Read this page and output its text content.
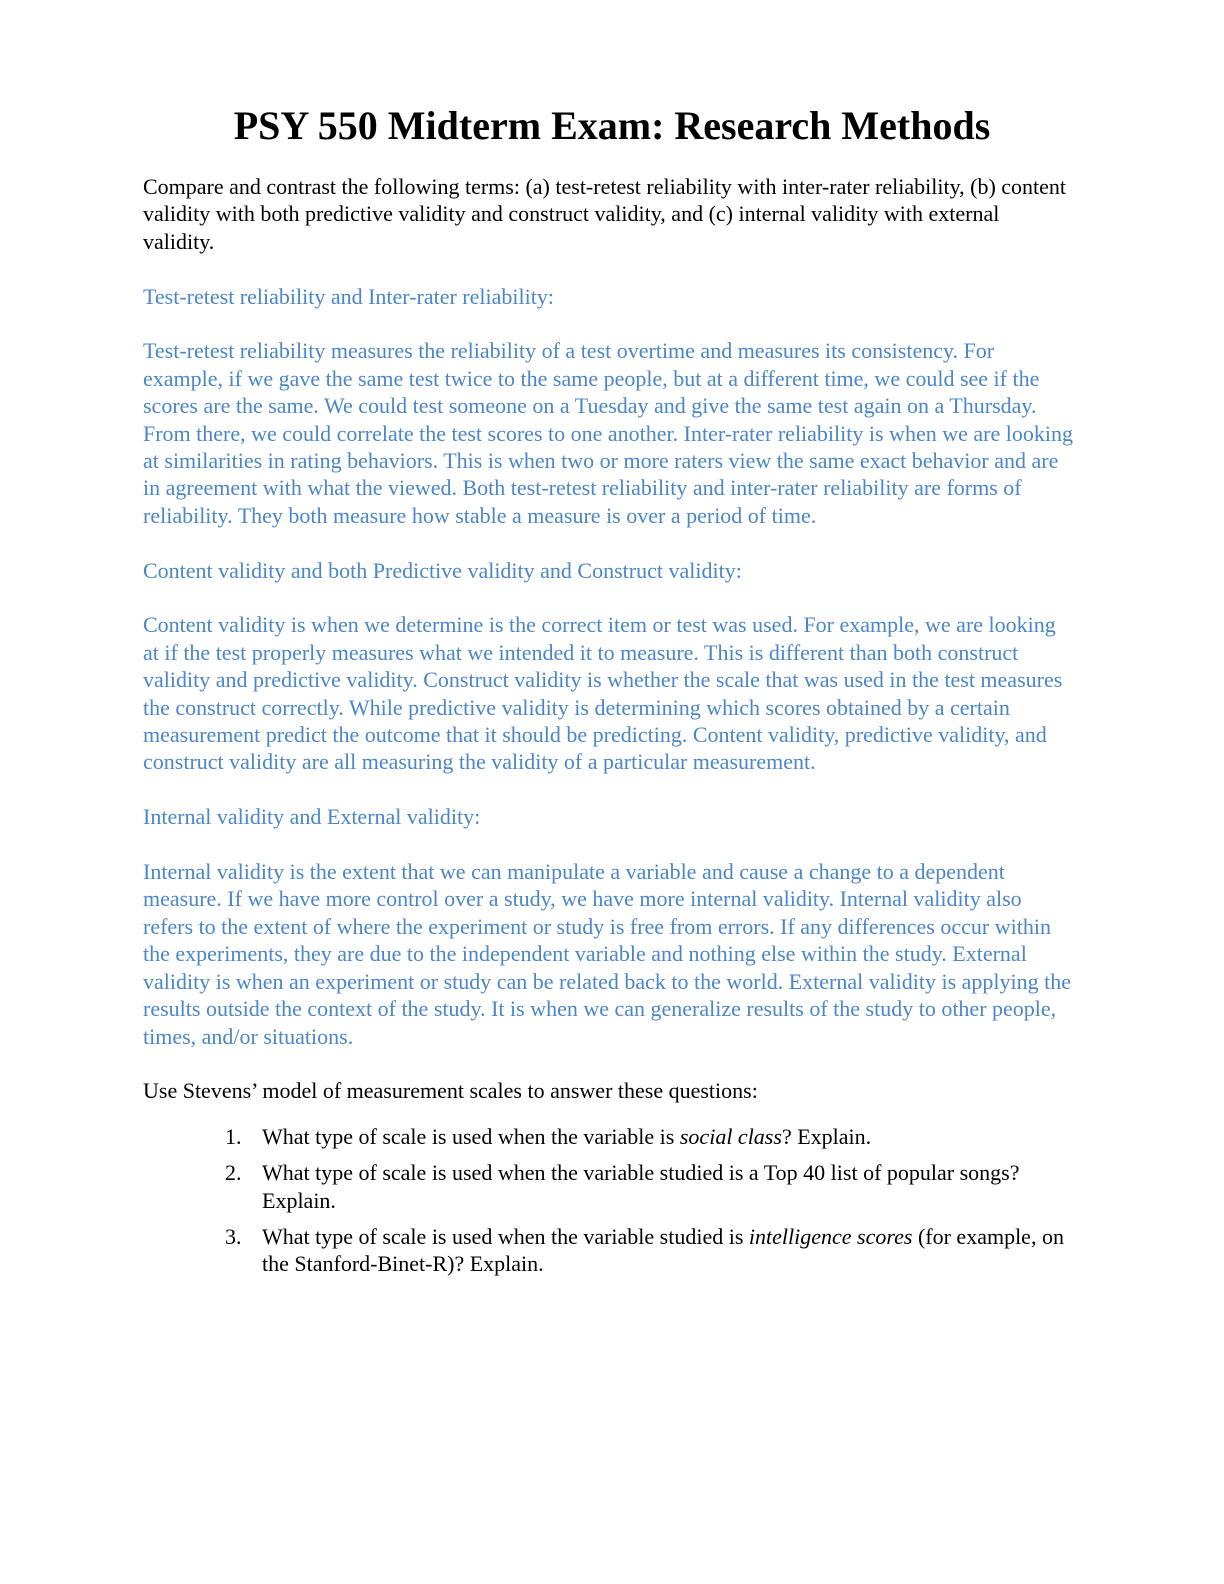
PSY 550 Midterm Exam: Research Methods

Compare and contrast the following terms: (a) test-retest reliability with inter-rater reliability, (b) content validity with both predictive validity and construct validity, and (c) internal validity with external validity.

Test-retest reliability and Inter-rater reliability:

Test-retest reliability measures the reliability of a test overtime and measures its consistency. For example, if we gave the same test twice to the same people, but at a different time, we could see if the scores are the same. We could test someone on a Tuesday and give the same test again on a Thursday. From there, we could correlate the test scores to one another. Inter-rater reliability is when we are looking at similarities in rating behaviors. This is when two or more raters view the same exact behavior and are in agreement with what the viewed. Both test-retest reliability and inter-rater reliability are forms of reliability. They both measure how stable a measure is over a period of time.

Content validity and both Predictive validity and Construct validity:

Content validity is when we determine is the correct item or test was used. For example, we are looking at if the test properly measures what we intended it to measure. This is different than both construct validity and predictive validity. Construct validity is whether the scale that was used in the test measures the construct correctly. While predictive validity is determining which scores obtained by a certain measurement predict the outcome that it should be predicting. Content validity, predictive validity, and construct validity are all measuring the validity of a particular measurement.

Internal validity and External validity:

Internal validity is the extent that we can manipulate a variable and cause a change to a dependent measure. If we have more control over a study, we have more internal validity. Internal validity also refers to the extent of where the experiment or study is free from errors. If any differences occur within the experiments, they are due to the independent variable and nothing else within the study. External validity is when an experiment or study can be related back to the world. External validity is applying the results outside the context of the study. It is when we can generalize results of the study to other people, times, and/or situations.

Use Stevens’ model of measurement scales to answer these questions:

1. What type of scale is used when the variable is social class? Explain.
2. What type of scale is used when the variable studied is a Top 40 list of popular songs? Explain.
3. What type of scale is used when the variable studied is intelligence scores (for example, on the Stanford-Binet-R)? Explain.
